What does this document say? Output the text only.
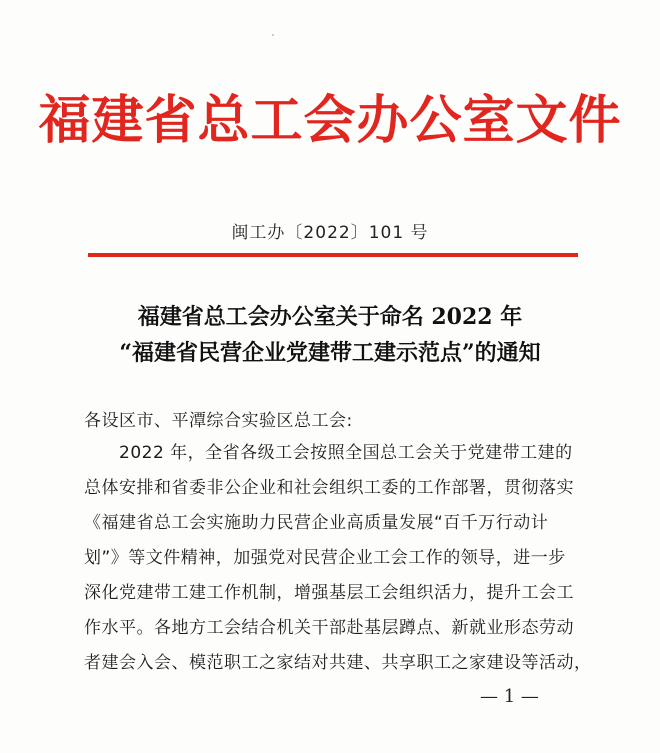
福建省总工会办公室文件
闽工办〔2022〕101 号
福建省总工会办公室关于命名 2022 年
“福建省民营企业党建带工建示范点”的通知
各设区市、平潭综合实验区总工会:
　　2022 年，全省各级工会按照全国总工会关于党建带工建的
总体安排和省委非公企业和社会组织工委的工作部署，贯彻落实
《福建省总工会实施助力民营企业高质量发展“百千万行动计
划”》等文件精神，加强党对民营企业工会工作的领导，进一步
深化党建带工建工作机制，增强基层工会组织活力，提升工会工
作水平。各地方工会结合机关干部赴基层蹲点、新就业形态劳动
者建会入会、模范职工之家结对共建、共享职工之家建设等活动，
— 1 —
